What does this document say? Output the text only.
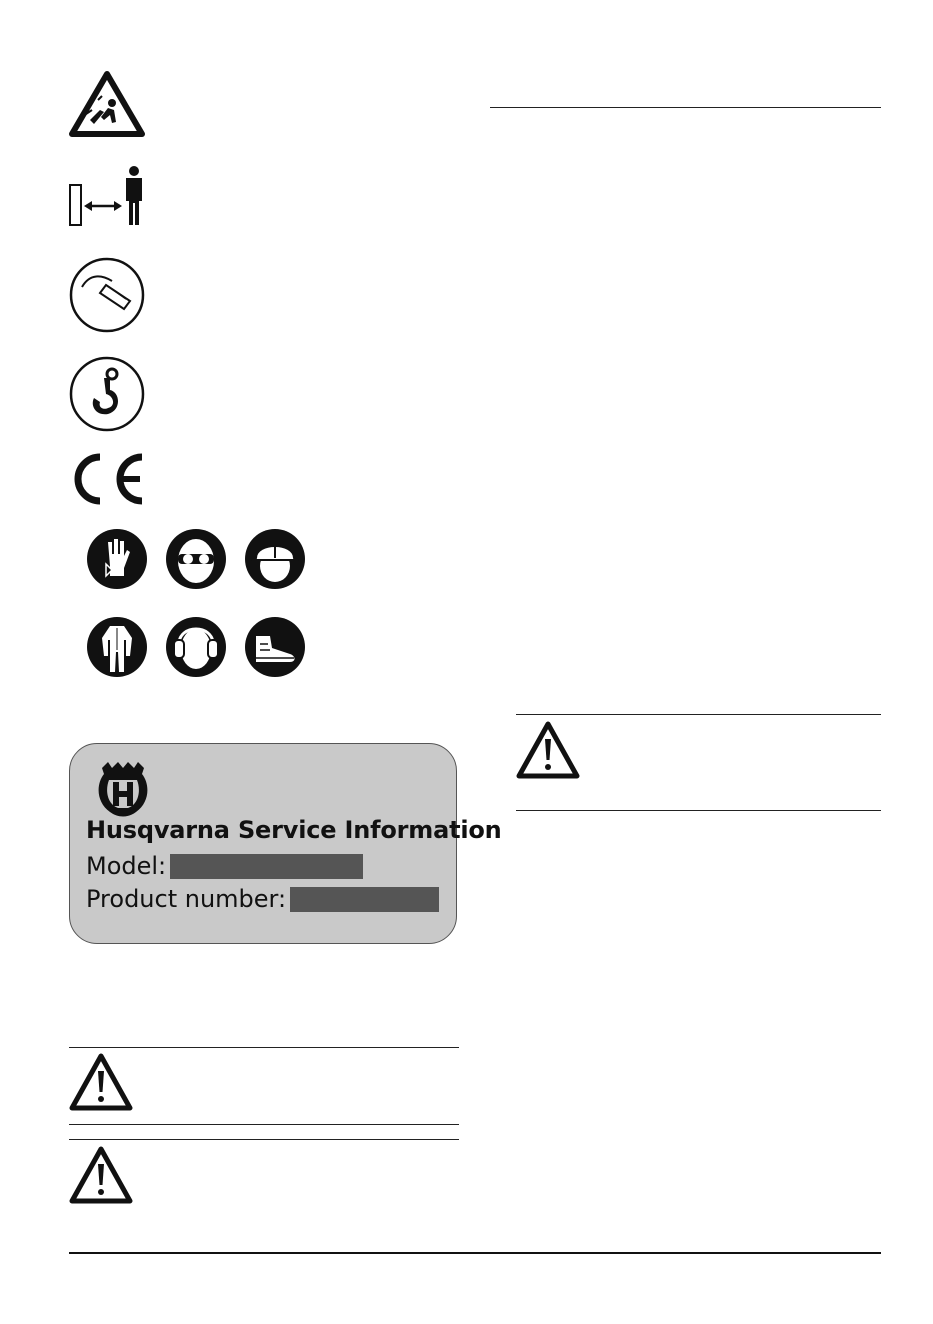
Husqvarna Service Information
Model:
Product number:
